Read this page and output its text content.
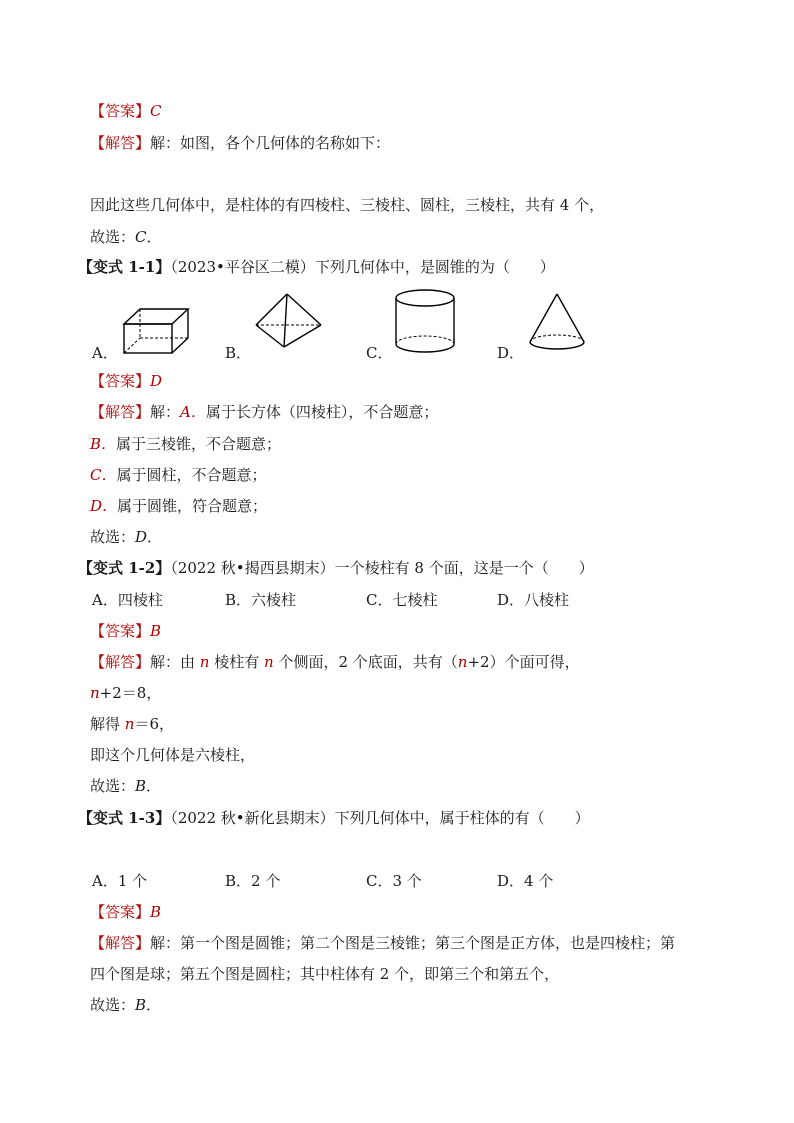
【答案】C
【解答】解：如图，各个几何体的名称如下：
因此这些几何体中，是柱体的有四棱柱、三棱柱、圆柱，三棱柱，共有 4 个，
故选：C．
【变式 1-1】（2023•平谷区二模）下列几何体中，是圆锥的为（　　）
A．	B．	C．	D．
【答案】D
【解答】解：A．属于长方体（四棱柱），不合题意；
B．属于三棱锥，不合题意；
C．属于圆柱，不合题意；
D．属于圆锥，符合题意；
故选：D．
【变式 1-2】（2022 秋•揭西县期末）一个棱柱有 8 个面，这是一个（　　）
A．四棱柱	B．六棱柱	C．七棱柱	D．八棱柱
【答案】B
【解答】解：由 n 棱柱有 n 个侧面，2 个底面，共有（n+2）个面可得，
n+2＝8，
解得 n＝6，
即这个几何体是六棱柱，
故选：B．
【变式 1-3】（2022 秋•新化县期末）下列几何体中，属于柱体的有（　　）
A．1 个	B．2 个	C．3 个	D．4 个
【答案】B
【解答】解：第一个图是圆锥；第二个图是三棱锥；第三个图是正方体，也是四棱柱；第
四个图是球；第五个图是圆柱；其中柱体有 2 个，即第三个和第五个，
故选：B．
